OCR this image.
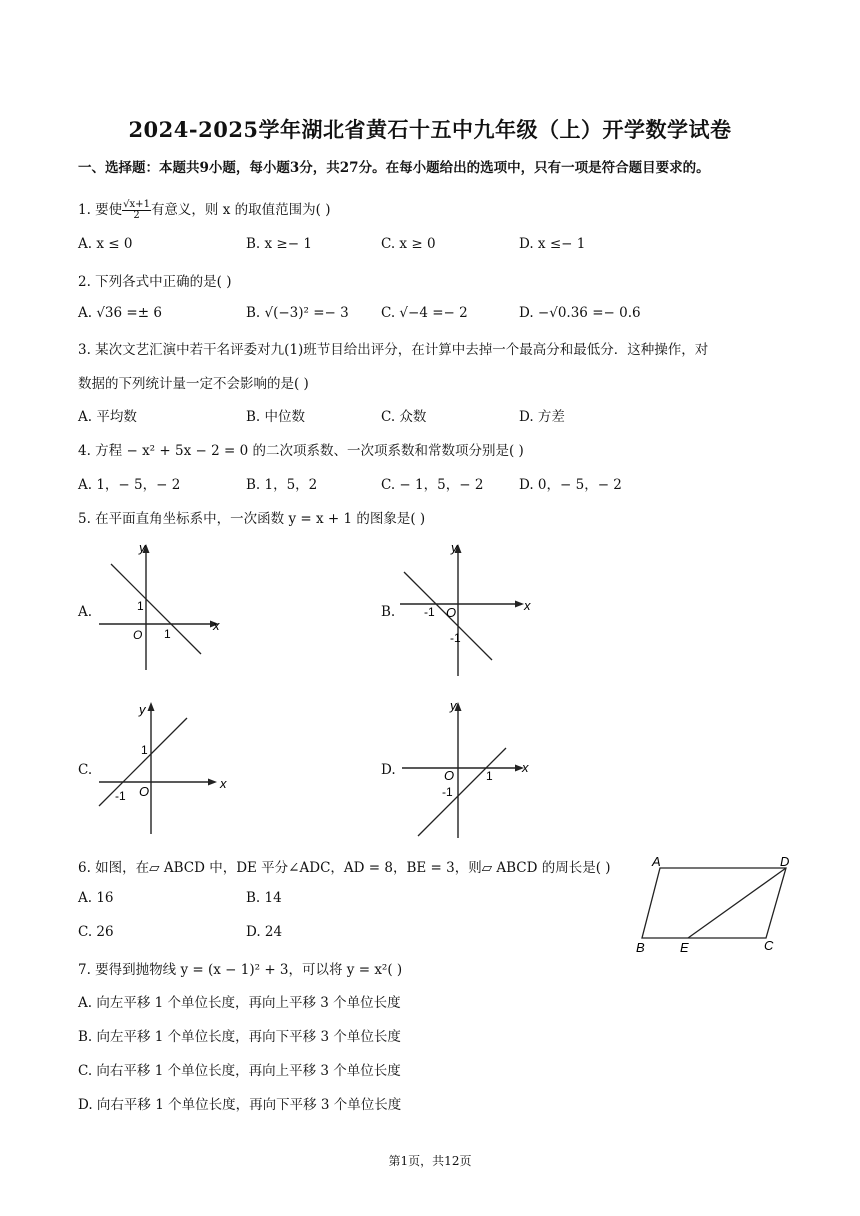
2024-2025学年湖北省黄石十五中九年级（上）开学数学试卷
一、选择题：本题共9小题，每小题3分，共27分。在每小题给出的选项中，只有一项是符合题目要求的。
1. 要使 $\frac{√x+1}{2}$ 有意义，则 x 的取值范围为( )
A. x ≤ 0	B. x ≥− 1	C. x ≥ 0	D. x ≤− 1
2. 下列各式中正确的是( )
A. √36 =± 6	B. √(−3)² =− 3 C. √−4 =− 2	D. −√0.36 =− 0.6
3. 某次文艺汇演中若干名评委对九(1)班节目给出评分，在计算中去掉一个最高分和最低分．这种操作，对
数据的下列统计量一定不会影响的是( )
A. 平均数	B. 中位数	C. 众数	D. 方差
4. 方程 − x² + 5x − 2 = 0 的二次项系数、一次项系数和常数项分别是( )
A. 1，− 5，− 2	B. 1，5，2	C. − 1，5，− 2	D. 0，− 5，− 2
5. 在平面直角坐标系中，一次函数 y = x + 1 的图象是( )
A.
y
x
O
1
1
B.
y
x
O
-1
-1
C.
y
x
O
1
-1
D.
y
x
O	1
-1
6. 如图，在▱ ABCD 中，DE 平分∠ADC，AD = 8，BE = 3，则▱ ABCD 的周长是( )
A. 16	B. 14
C. 26	D. 24
A	D
B	E	C
7. 要得到抛物线 y = (x − 1)² + 3，可以将 y = x²( )
A. 向左平移 1 个单位长度，再向上平移 3 个单位长度
B. 向左平移 1 个单位长度，再向下平移 3 个单位长度
C. 向右平移 1 个单位长度，再向上平移 3 个单位长度
D. 向右平移 1 个单位长度，再向下平移 3 个单位长度
第1页，共12页
